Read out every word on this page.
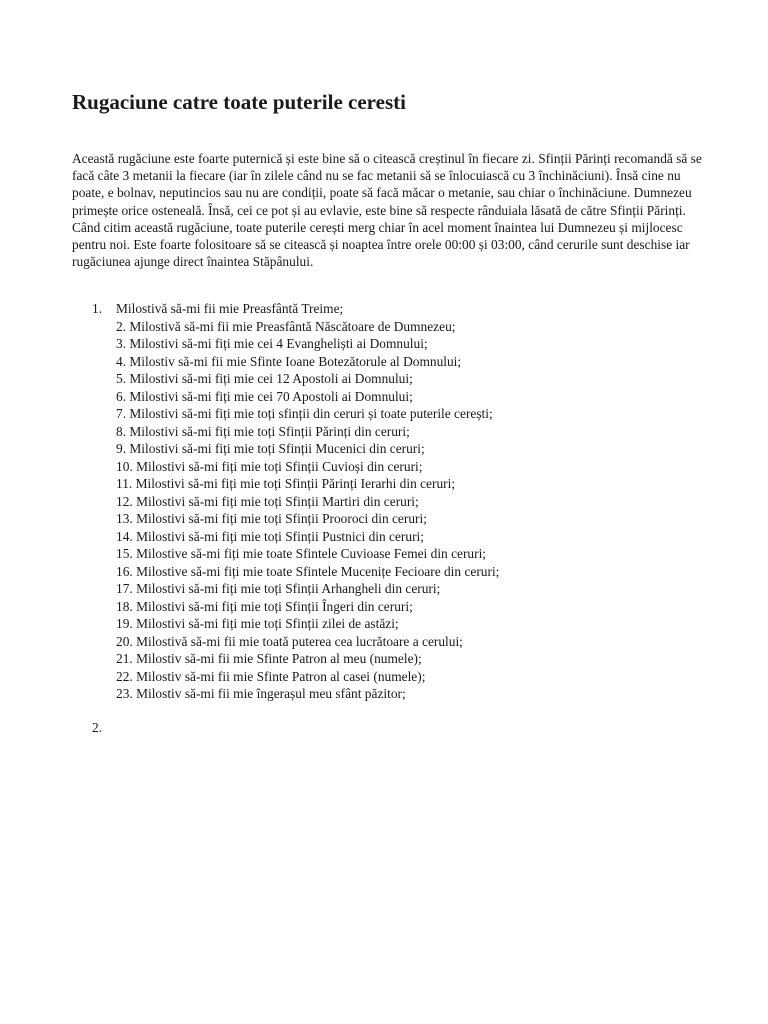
Rugaciune catre toate puterile ceresti

Această rugăciune este foarte puternică și este bine să o citească creștinul în fiecare zi. Sfinții Părinți recomandă să se facă câte 3 metanii la fiecare (iar în zilele când nu se fac metanii să se înlocuiască cu 3 închinăciuni). Însă cine nu poate, e bolnav, neputincios sau nu are condiții, poate să facă măcar o metanie, sau chiar o închinăciune. Dumnezeu primește orice osteneală. Însă, cei ce pot și au evlavie, este bine să respecte rânduiala lăsată de către Sfinții Părinți. Când citim această rugăciune, toate puterile cerești merg chiar în acel moment înaintea lui Dumnezeu și mijlocesc pentru noi. Este foarte folositoare să se citească și noaptea între orele 00:00 și 03:00, când cerurile sunt deschise iar rugăciunea ajunge direct înaintea Stăpânului.

1. Milostivă să-mi fii mie Preasfântă Treime;
2. Milostivă să-mi fii mie Preasfântă Născătoare de Dumnezeu;
3. Milostivi să-mi fiți mie cei 4 Evangheliști ai Domnului;
4. Milostiv să-mi fii mie Sfinte Ioane Botezătorule al Domnului;
5. Milostivi să-mi fiți mie cei 12 Apostoli ai Domnului;
6. Milostivi să-mi fiți mie cei 70 Apostoli ai Domnului;
7. Milostivi să-mi fiți mie toți sfinții din ceruri și toate puterile cerești;
8. Milostivi să-mi fiți mie toți Sfinții Părinți din ceruri;
9. Milostivi să-mi fiți mie toți Sfinții Mucenici din ceruri;
10. Milostivi să-mi fiți mie toți Sfinții Cuvioși din ceruri;
11. Milostivi să-mi fiți mie toți Sfinții Părinți Ierarhi din ceruri;
12. Milostivi să-mi fiți mie toți Sfinții Martiri din ceruri;
13. Milostivi să-mi fiți mie toți Sfinții Prooroci din ceruri;
14. Milostivi să-mi fiți mie toți Sfinții Pustnici din ceruri;
15. Milostive să-mi fiți mie toate Sfintele Cuvioase Femei din ceruri;
16. Milostive să-mi fiți mie toate Sfintele Mucenițe Fecioare din ceruri;
17. Milostivi să-mi fiți mie toți Sfinții Arhangheli din ceruri;
18. Milostivi să-mi fiți mie toți Sfinții Îngeri din ceruri;
19. Milostivi să-mi fiți mie toți Sfinții zilei de astăzi;
20. Milostivă să-mi fii mie toată puterea cea lucrătoare a cerului;
21. Milostiv să-mi fii mie Sfinte Patron al meu (numele);
22. Milostiv să-mi fii mie Sfinte Patron al casei (numele);
23. Milostiv să-mi fii mie îngerașul meu sfânt păzitor;
2.
